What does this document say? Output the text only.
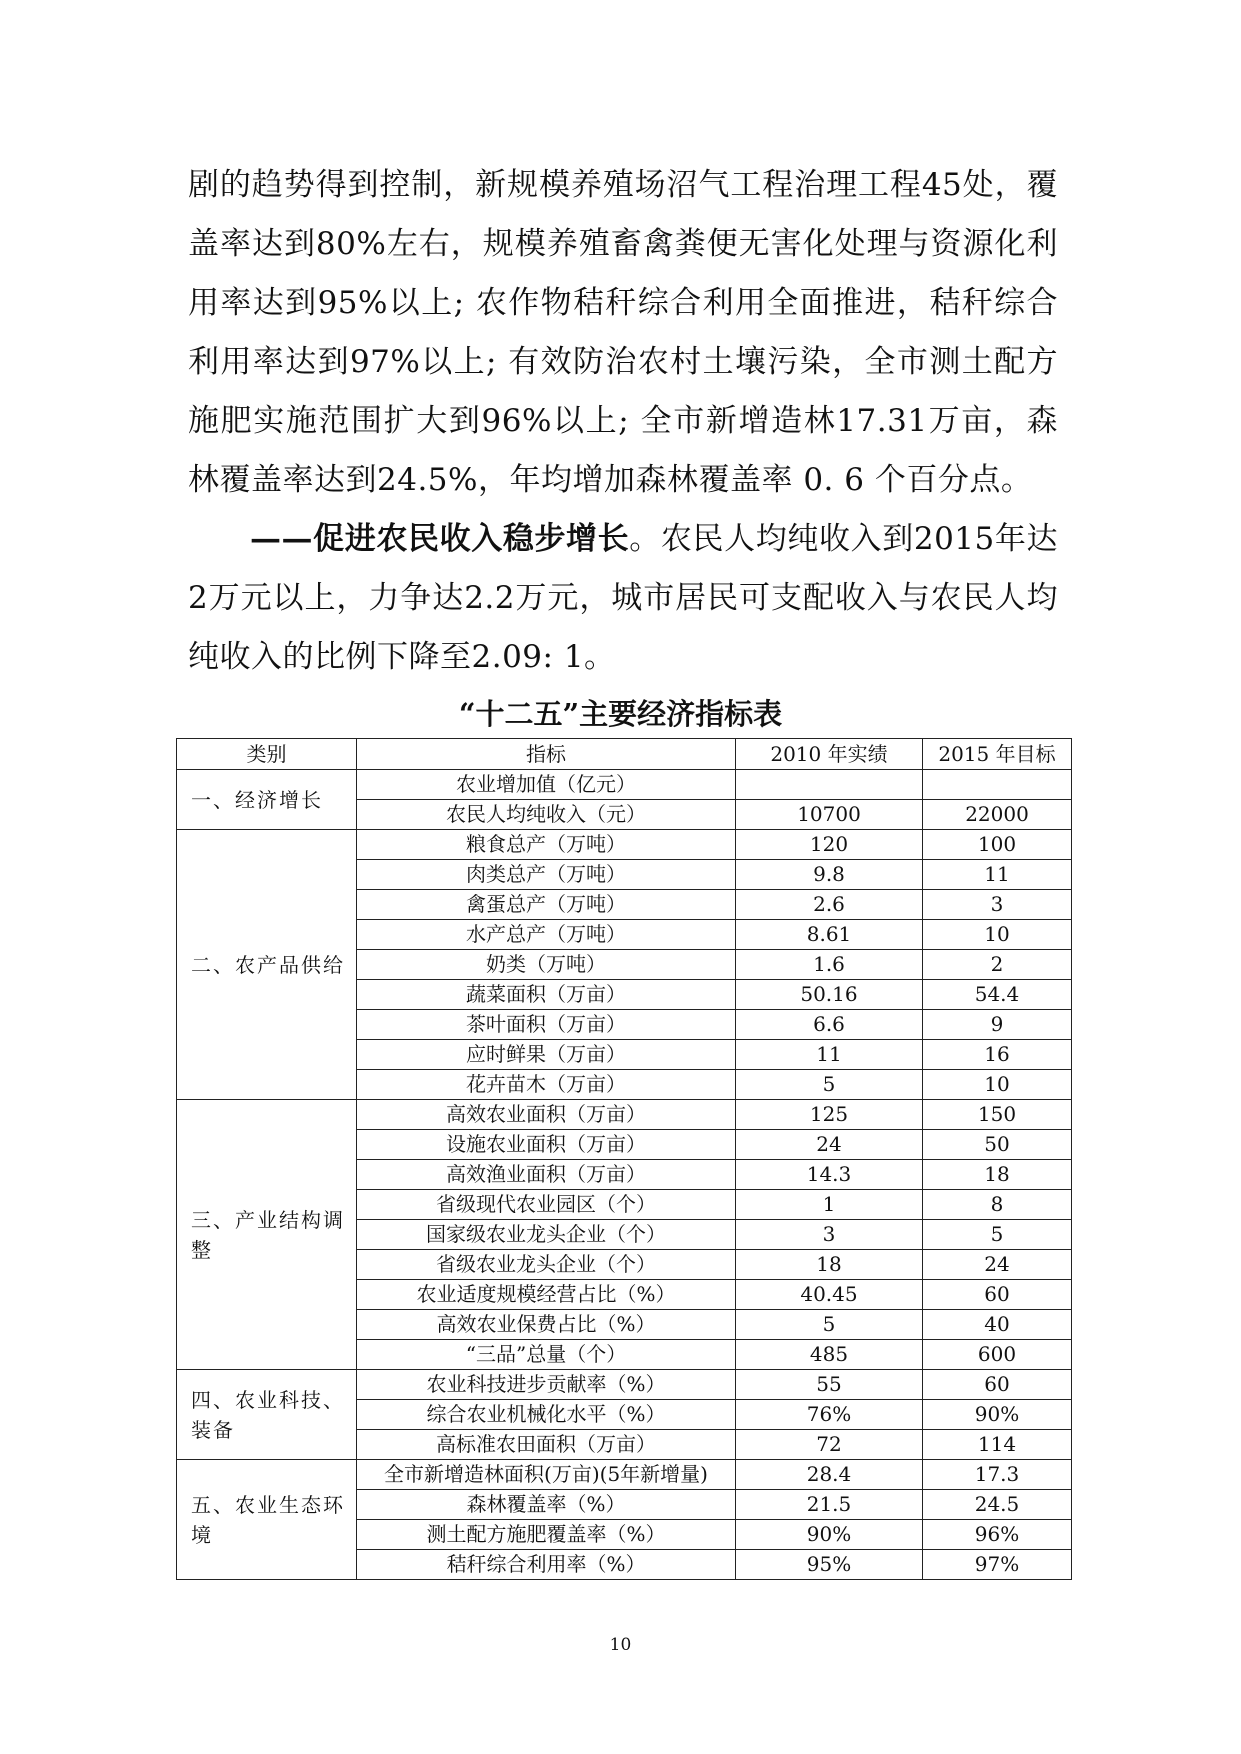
剧的趋势得到控制，新规模养殖场沼气工程治理工程45处，覆盖率达到80%左右，规模养殖畜禽粪便无害化处理与资源化利用率达到95%以上; 农作物秸秆综合利用全面推进，秸秆综合利用率达到97%以上; 有效防治农村土壤污染，全市测土配方施肥实施范围扩大到96%以上; 全市新增造林17.31万亩，森林覆盖率达到24.5%，年均增加森林覆盖率 0. 6 个百分点。
——促进农民收入稳步增长。农民人均纯收入到2015年达2万元以上，力争达2.2万元，城市居民可支配收入与农民人均纯收入的比例下降至2.09: 1。
“十二五”主要经济指标表
类别	指标	2010 年实绩	2015 年目标
一、经济增长	农业增加值（亿元）		
	农民人均纯收入（元）	10700	22000
二、农产品供给	粮食总产（万吨）	120	100
	肉类总产（万吨）	9.8	11
	禽蛋总产（万吨）	2.6	3
	水产总产（万吨）	8.61	10
	奶类（万吨）	1.6	2
	蔬菜面积（万亩）	50.16	54.4
	茶叶面积（万亩）	6.6	9
	应时鲜果（万亩）	11	16
	花卉苗木（万亩）	5	10
三、产业结构调整	高效农业面积（万亩）	125	150
	设施农业面积（万亩）	24	50
	高效渔业面积（万亩）	14.3	18
	省级现代农业园区（个）	1	8
	国家级农业龙头企业（个）	3	5
	省级农业龙头企业（个）	18	24
	农业适度规模经营占比（%）	40.45	60
	高效农业保费占比（%）	5	40
	“三品”总量（个）	485	600
四、农业科技、装备	农业科技进步贡献率（%）	55	60
	综合农业机械化水平（%）	76%	90%
	高标准农田面积（万亩）	72	114
五、农业生态环境	全市新增造林面积(万亩)(5年新增量)	28.4	17.3
	森林覆盖率（%）	21.5	24.5
	测土配方施肥覆盖率（%）	90%	96%
	秸秆综合利用率（%）	95%	97%
10
